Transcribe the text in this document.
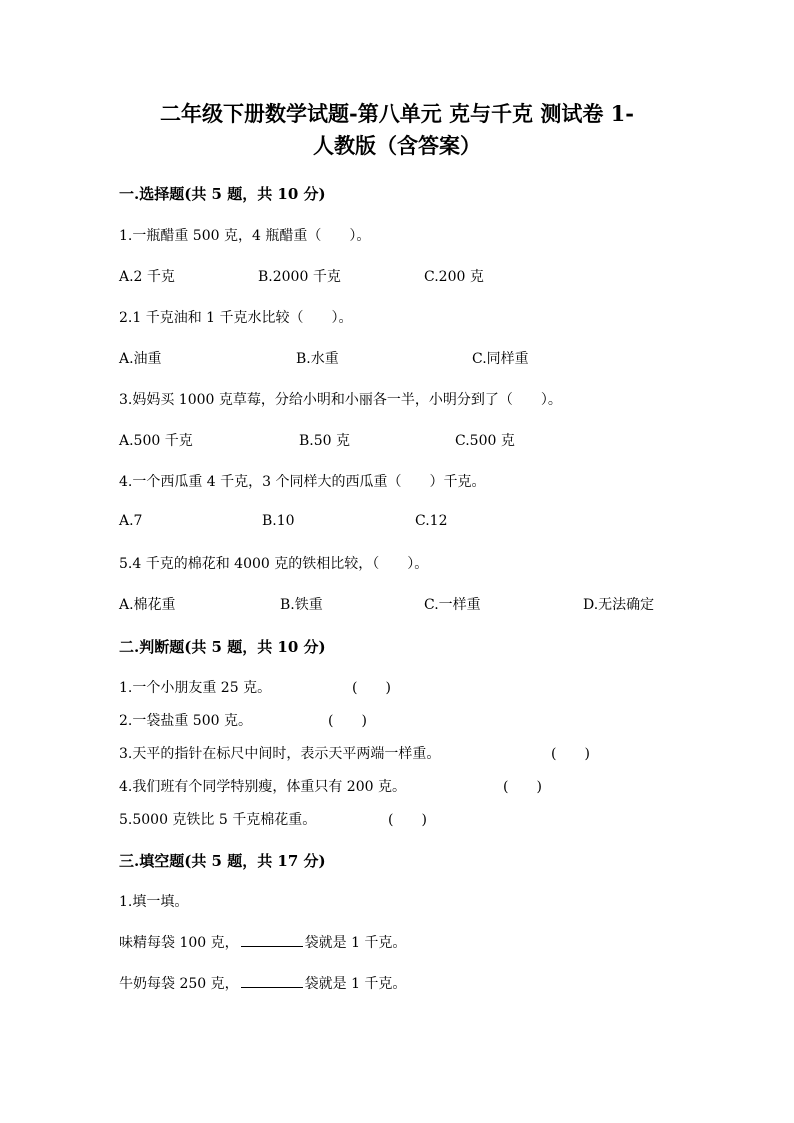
二年级下册数学试题-第八单元 克与千克 测试卷 1-
人教版（含答案）
一.选择题(共 5 题，共 10 分)
1.一瓶醋重 500 克，4 瓶醋重（　　）。
A.2 千克	B.2000 千克	C.200 克
2.1 千克油和 1 千克水比较（　　）。
A.油重	B.水重	C.同样重
3.妈妈买 1000 克草莓，分给小明和小丽各一半，小明分到了（　　）。
A.500 千克	B.50 克	C.500 克
4.一个西瓜重 4 千克，3 个同样大的西瓜重（　　）千克。
A.7	B.10	C.12
5.4 千克的棉花和 4000 克的铁相比较，（　　）。
A.棉花重	B.铁重	C.一样重	D.无法确定
二.判断题(共 5 题，共 10 分)
1.一个小朋友重 25 克。	(　　)
2.一袋盐重 500 克。	(　　)
3.天平的指针在标尺中间时，表示天平两端一样重。	(　　)
4.我们班有个同学特别瘦，体重只有 200 克。	(　　)
5.5000 克铁比 5 千克棉花重。	(　　)
三.填空题(共 5 题，共 17 分)
1.填一填。
味精每袋 100 克，	袋就是 1 千克。
牛奶每袋 250 克，	袋就是 1 千克。
